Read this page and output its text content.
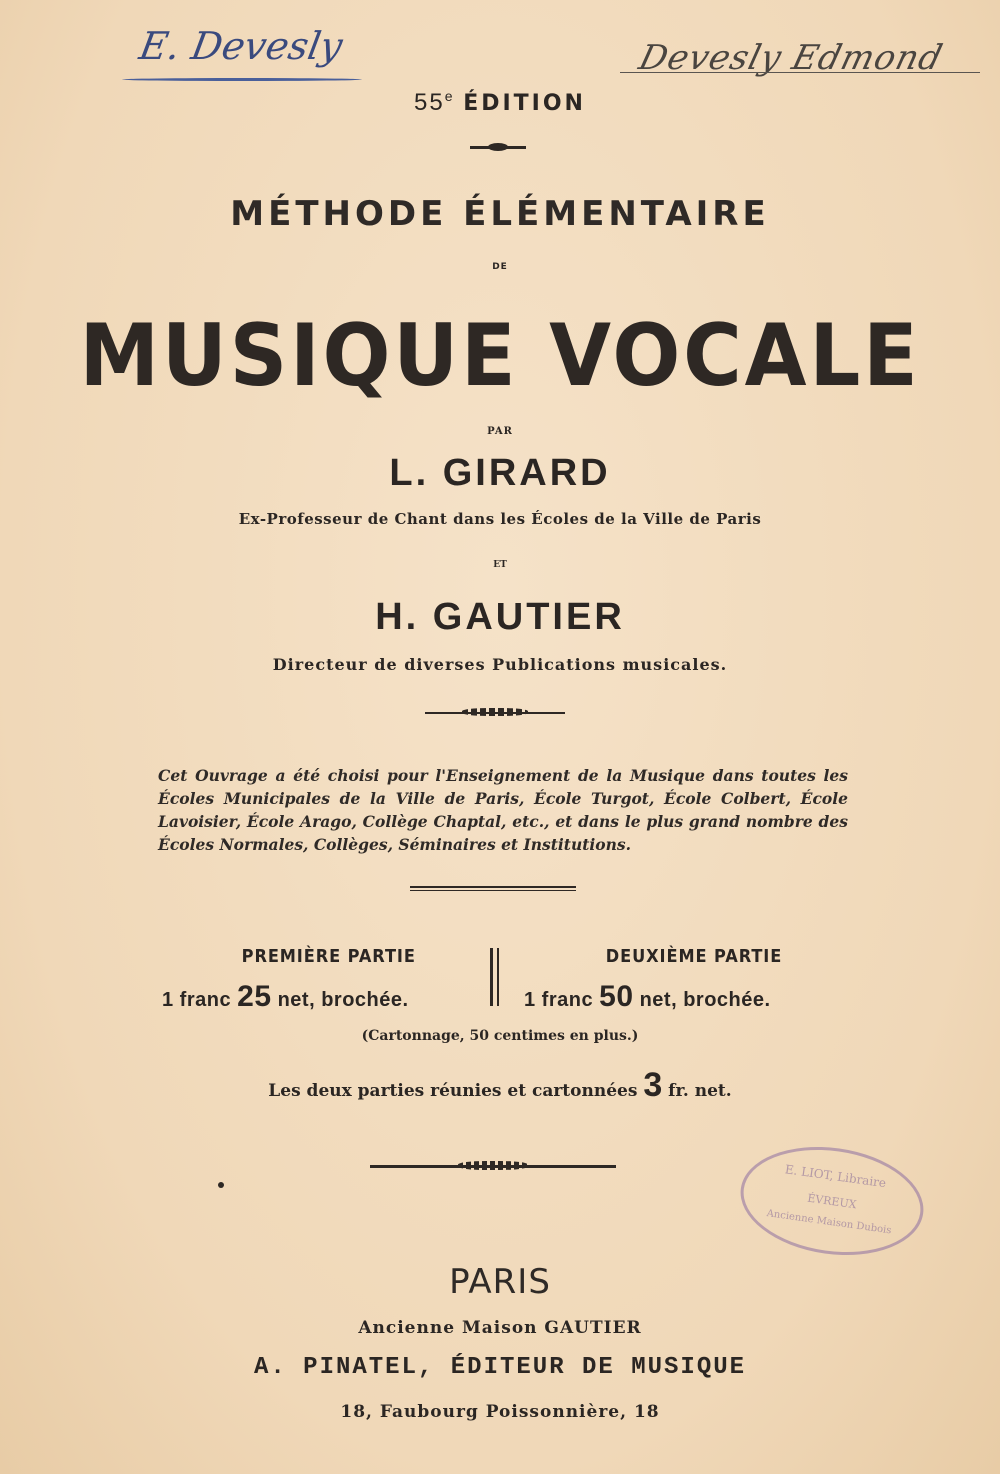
E. Devesly	Devesly Edmond
55e ÉDITION
MÉTHODE ÉLÉMENTAIRE
DE
MUSIQUE VOCALE
PAR
L. GIRARD
Ex-Professeur de Chant dans les Écoles de la Ville de Paris
ET
H. GAUTIER
Directeur de diverses Publications musicales.
Cet Ouvrage a été choisi pour l'Enseignement de la Musique dans toutes les Écoles Municipales de la Ville de Paris, École Turgot, École Colbert, École Lavoisier, École Arago, Collège Chaptal, etc., et dans le plus grand nombre des Écoles Normales, Collèges, Séminaires et Institutions.
PREMIÈRE PARTIE
1 franc 25 net, brochée.
DEUXIÈME PARTIE
1 franc 50 net, brochée.
(Cartonnage, 50 centimes en plus.)
Les deux parties réunies et cartonnées 3 fr. net.
E. LIOT, Libraire
ÉVREUX
Ancienne Maison Dubois
PARIS
Ancienne Maison GAUTIER
A. PINATEL, ÉDITEUR DE MUSIQUE
18, Faubourg Poissonnière, 18
